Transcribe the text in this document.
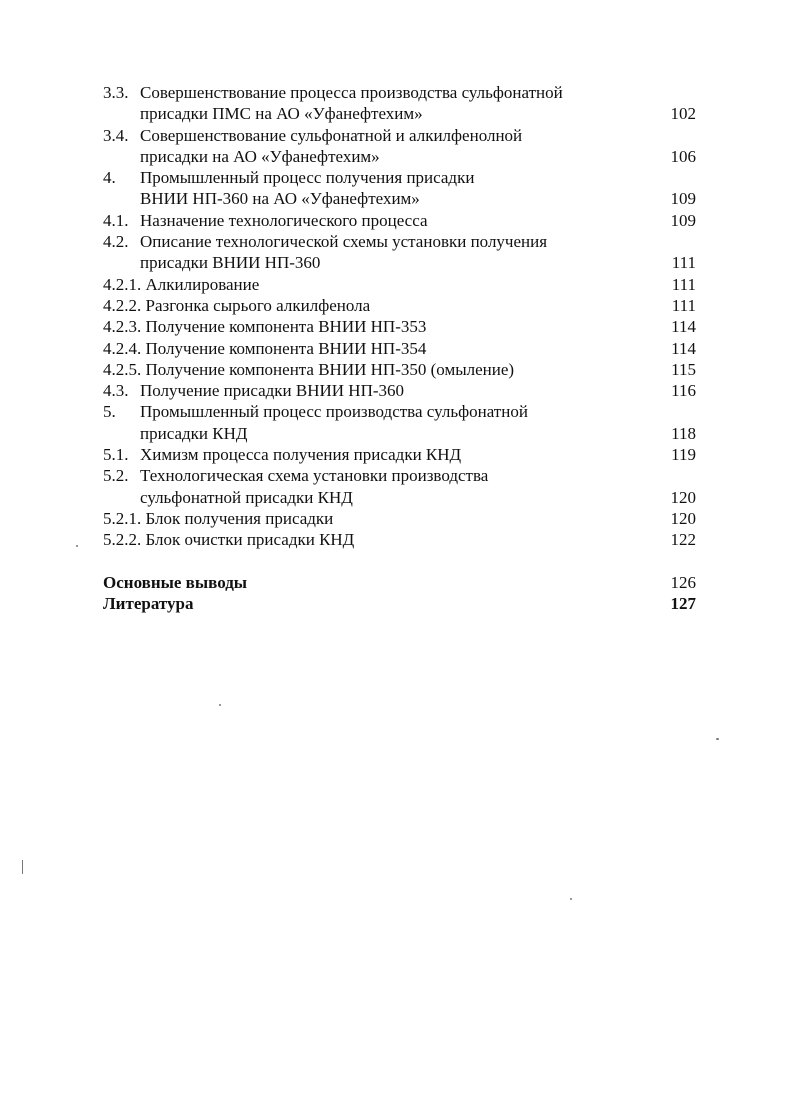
3.3. Совершенствование процесса производства сульфонатной
присадки ПМС на АО «Уфанефтехим»	102
3.4. Совершенствование сульфонатной и алкилфенолной
присадки на АО «Уфанефтехим»	106
4. Промышленный процесс получения присадки
ВНИИ НП-360 на АО «Уфанефтехим»	109
4.1. Назначение технологического процесса	109
4.2. Описание технологической схемы установки получения
присадки ВНИИ НП-360	111
4.2.1. Алкилирование	111
4.2.2. Разгонка сырього алкилфенола	111
4.2.3. Получение компонента ВНИИ НП-353	114
4.2.4. Получение компонента ВНИИ НП-354	114
4.2.5. Получение компонента ВНИИ НП-350 (омыление)	115
4.3. Получение присадки ВНИИ НП-360	116
5. Промышленный процесс производства сульфонатной
присадки КНД	118
5.1. Химизм процесса получения присадки КНД	119
5.2. Технологическая схема установки производства
сульфонатной присадки КНД	120
5.2.1. Блок получения присадки	120
5.2.2. Блок очистки присадки КНД	122
Основные выводы	126
Литература	127
